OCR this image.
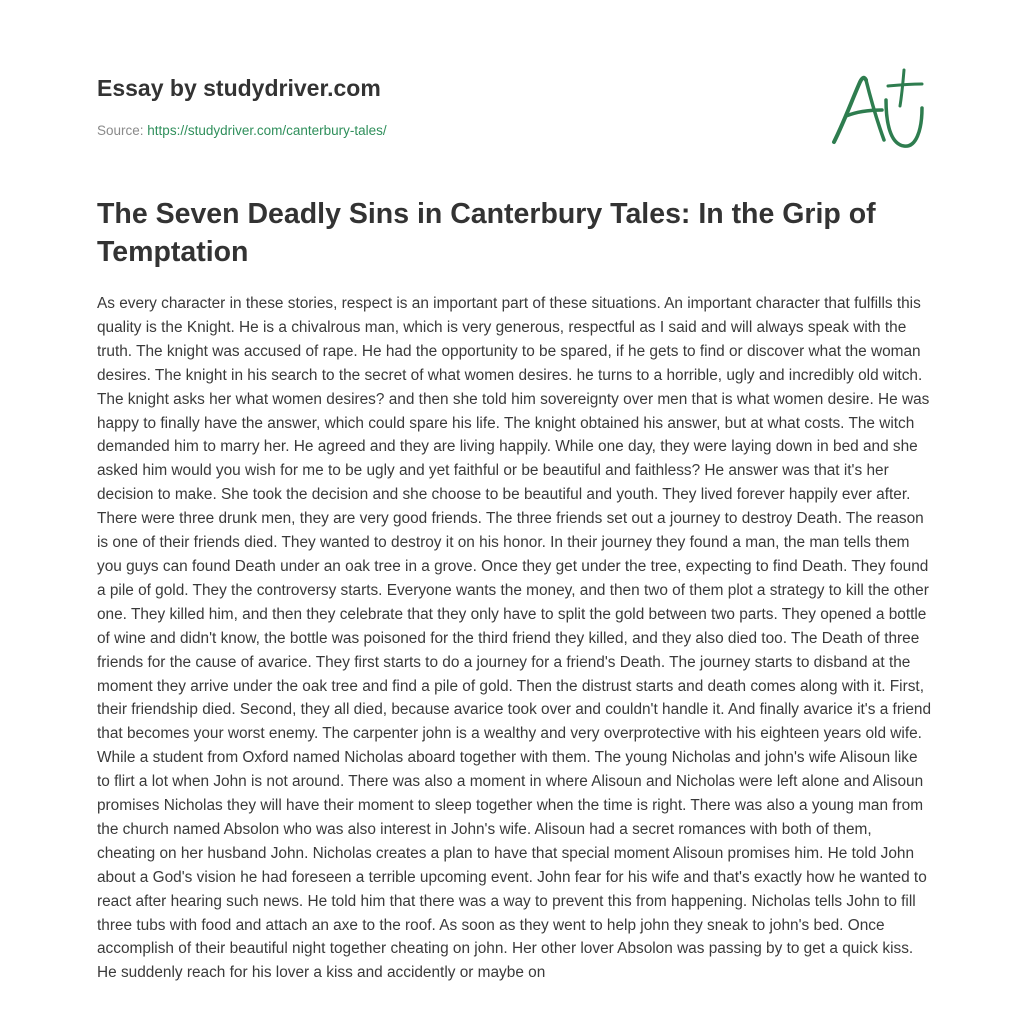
Essay by studydriver.com
Source: https://studydriver.com/canterbury-tales/
The Seven Deadly Sins in Canterbury Tales: In the Grip of Temptation

As every character in these stories, respect is an important part of these situations. An important character that fulfills this quality is the Knight. He is a chivalrous man, which is very generous, respectful as I said and will always speak with the truth. The knight was accused of rape. He had the opportunity to be spared, if he gets to find or discover what the woman desires. The knight in his search to the secret of what women desires. he turns to a horrible, ugly and incredibly old witch. The knight asks her what women desires? and then she told him sovereignty over men that is what women desire. He was happy to finally have the answer, which could spare his life. The knight obtained his answer, but at what costs. The witch demanded him to marry her. He agreed and they are living happily. While one day, they were laying down in bed and she asked him would you wish for me to be ugly and yet faithful or be beautiful and faithless? He answer was that it's her decision to make. She took the decision and she choose to be beautiful and youth. They lived forever happily ever after. There were three drunk men, they are very good friends. The three friends set out a journey to destroy Death. The reason is one of their friends died. They wanted to destroy it on his honor. In their journey they found a man, the man tells them you guys can found Death under an oak tree in a grove. Once they get under the tree, expecting to find Death. They found a pile of gold. They the controversy starts. Everyone wants the money, and then two of them plot a strategy to kill the other one. They killed him, and then they celebrate that they only have to split the gold between two parts. They opened a bottle of wine and didn't know, the bottle was poisoned for the third friend they killed, and they also died too. The Death of three friends for the cause of avarice. They first starts to do a journey for a friend's Death. The journey starts to disband at the moment they arrive under the oak tree and find a pile of gold. Then the distrust starts and death comes along with it. First, their friendship died. Second, they all died, because avarice took over and couldn't handle it. And finally avarice it's a friend that becomes your worst enemy. The carpenter john is a wealthy and very overprotective with his eighteen years old wife. While a student from Oxford named Nicholas aboard together with them. The young Nicholas and john's wife Alisoun like to flirt a lot when John is not around. There was also a moment in where Alisoun and Nicholas were left alone and Alisoun promises Nicholas they will have their moment to sleep together when the time is right. There was also a young man from the church named Absolon who was also interest in John's wife. Alisoun had a secret romances with both of them, cheating on her husband John. Nicholas creates a plan to have that special moment Alisoun promises him. He told John about a God's vision he had foreseen a terrible upcoming event. John fear for his wife and that's exactly how he wanted to react after hearing such news. He told him that there was a way to prevent this from happening. Nicholas tells John to fill three tubs with food and attach an axe to the roof. As soon as they went to help john they sneak to john's bed. Once accomplish of their beautiful night together cheating on john. Her other lover Absolon was passing by to get a quick kiss. He suddenly reach for his lover a kiss and accidently or maybe on
